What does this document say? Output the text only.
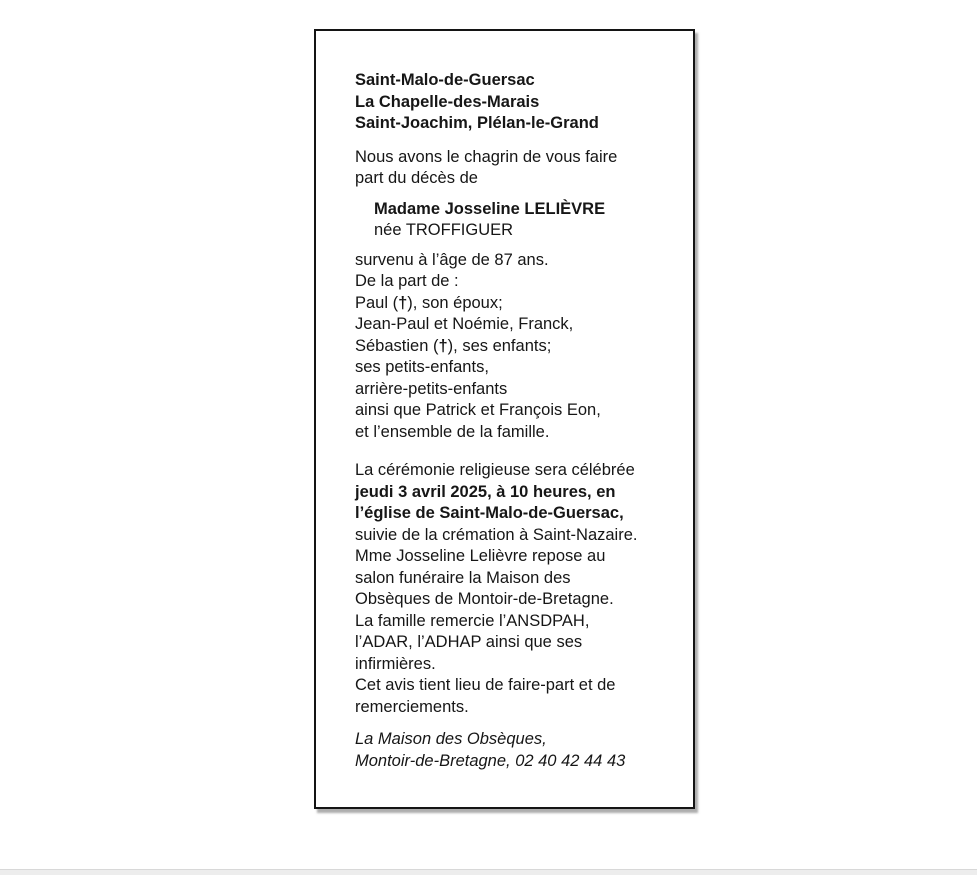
Saint-Malo-de-Guersac
La Chapelle-des-Marais
Saint-Joachim, Plélan-le-Grand
Nous avons le chagrin de vous faire
part du décès de
Madame Josseline LELIÈVRE
née TROFFIGUER
survenu à l’âge de 87 ans.
De la part de :
Paul (†), son époux;
Jean-Paul et Noémie, Franck,
Sébastien (†), ses enfants;
ses petits-enfants,
arrière-petits-enfants
ainsi que Patrick et François Eon,
et l’ensemble de la famille.
La cérémonie religieuse sera célébrée
jeudi 3 avril 2025, à 10 heures, en
l’église de Saint-Malo-de-Guersac,
suivie de la crémation à Saint-Nazaire.
Mme Josseline Lelièvre repose au
salon funéraire la Maison des
Obsèques de Montoir-de-Bretagne.
La famille remercie l’ANSDPAH,
l’ADAR, l’ADHAP ainsi que ses
infirmières.
Cet avis tient lieu de faire-part et de
remerciements.
La Maison des Obsèques,
Montoir-de-Bretagne, 02 40 42 44 43
